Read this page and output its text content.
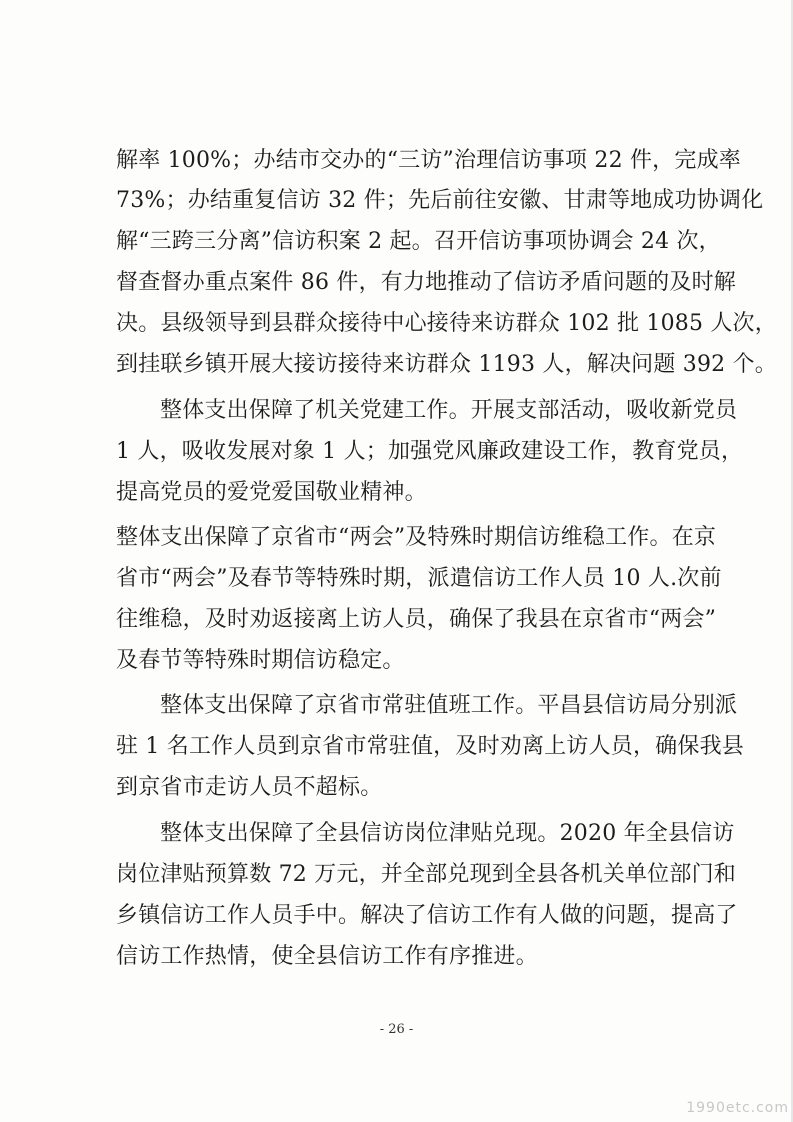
解率 100%；办结市交办的“三访”治理信访事项 22 件，完成率
73%；办结重复信访 32 件；先后前往安徽、甘肃等地成功协调化
解“三跨三分离”信访积案 2 起。召开信访事项协调会 24 次，
督查督办重点案件 86 件，有力地推动了信访矛盾问题的及时解
决。县级领导到县群众接待中心接待来访群众 102 批 1085 人次，
到挂联乡镇开展大接访接待来访群众 1193 人，解决问题 392 个。
整体支出保障了机关党建工作。开展支部活动，吸收新党员
1 人，吸收发展对象 1 人；加强党风廉政建设工作，教育党员，
提高党员的爱党爱国敬业精神。
整体支出保障了京省市“两会”及特殊时期信访维稳工作。在京
省市“两会”及春节等特殊时期，派遣信访工作人员 10 人.次前
往维稳，及时劝返接离上访人员，确保了我县在京省市“两会”
及春节等特殊时期信访稳定。
整体支出保障了京省市常驻值班工作。平昌县信访局分别派
驻 1 名工作人员到京省市常驻值，及时劝离上访人员，确保我县
到京省市走访人员不超标。
整体支出保障了全县信访岗位津贴兑现。2020 年全县信访
岗位津贴预算数 72 万元，并全部兑现到全县各机关单位部门和
乡镇信访工作人员手中。解决了信访工作有人做的问题，提高了
信访工作热情，使全县信访工作有序推进。
- 26 -
1990etc.com
